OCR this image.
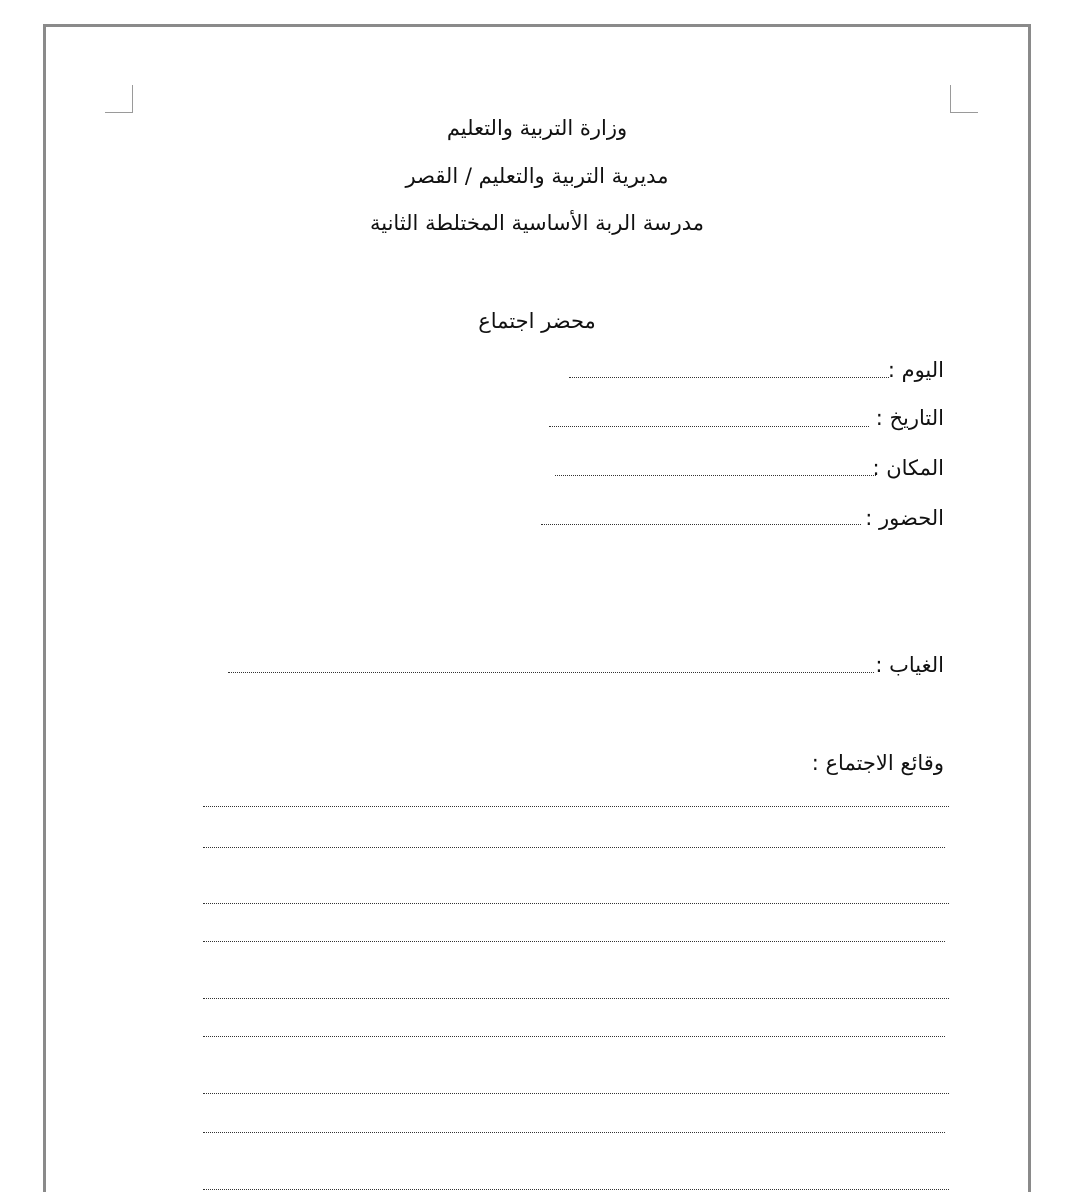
وزارة التربية والتعليم
مديرية التربية والتعليم / القصر
مدرسة الربة الأساسية المختلطة الثانية
محضر اجتماع
اليوم :
التاريخ :
المكان :
الحضور :
الغياب :
وقائع الاجتماع :
